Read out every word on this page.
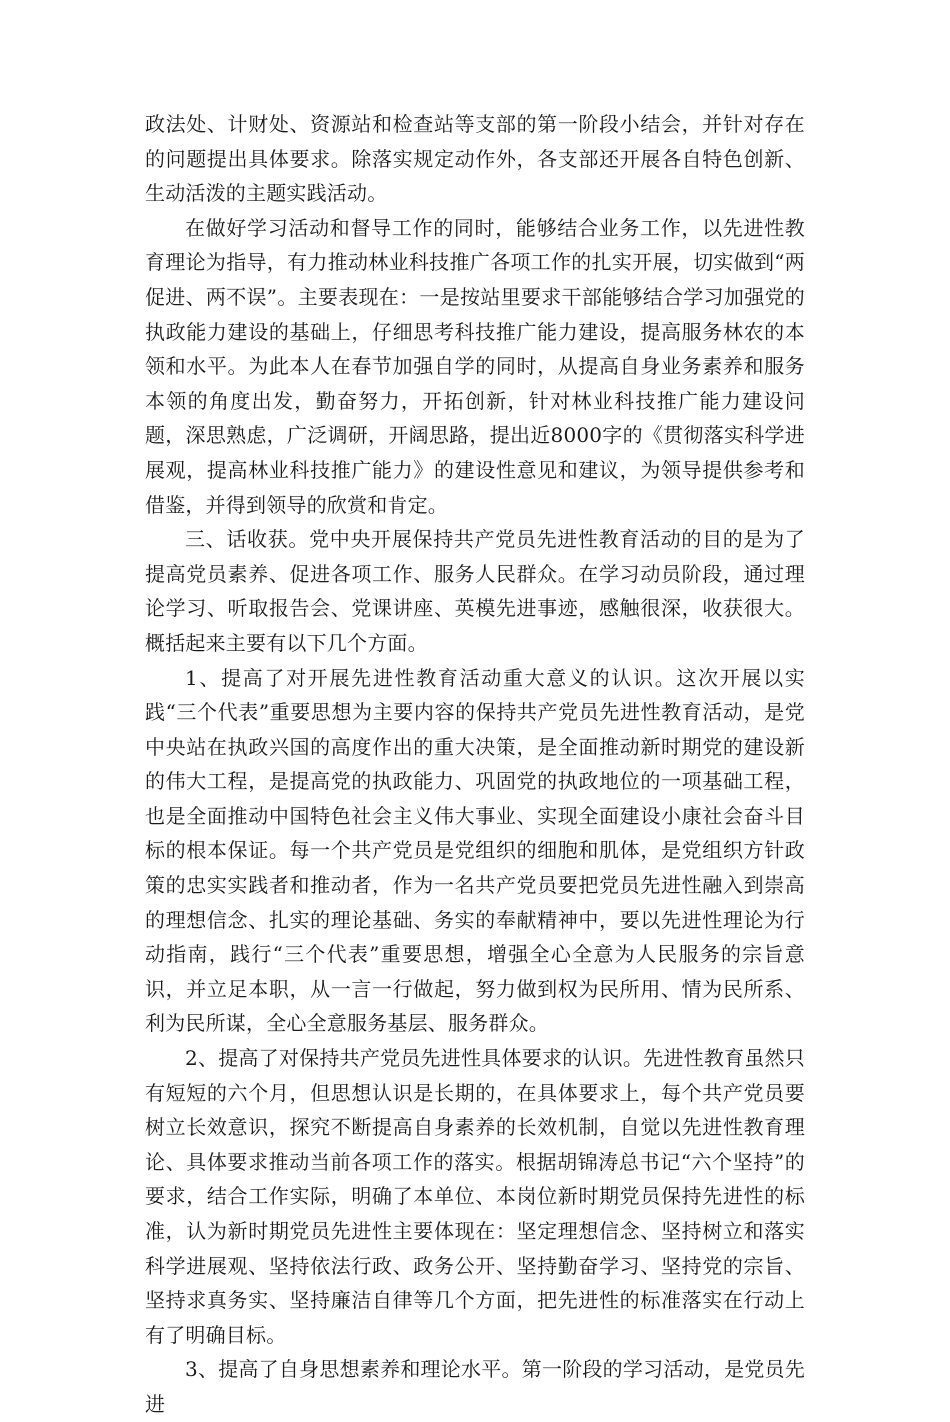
政法处、计财处、资源站和检查站等支部的第一阶段小结会，并针对存在的问题提出具体要求。除落实规定动作外，各支部还开展各自特色创新、生动活泼的主题实践活动。

在做好学习活动和督导工作的同时，能够结合业务工作，以先进性教育理论为指导，有力推动林业科技推广各项工作的扎实开展，切实做到“两促进、两不误”。主要表现在：一是按站里要求干部能够结合学习加强党的执政能力建设的基础上，仔细思考科技推广能力建设，提高服务林农的本领和水平。为此本人在春节加强自学的同时，从提高自身业务素养和服务本领的角度出发，勤奋努力，开拓创新，针对林业科技推广能力建设问题，深思熟虑，广泛调研，开阔思路，提出近8000字的《贯彻落实科学进展观，提高林业科技推广能力》的建设性意见和建议，为领导提供参考和借鉴，并得到领导的欣赏和肯定。

三、话收获。党中央开展保持共产党员先进性教育活动的目的是为了提高党员素养、促进各项工作、服务人民群众。在学习动员阶段，通过理论学习、听取报告会、党课讲座、英模先进事迹，感触很深，收获很大。概括起来主要有以下几个方面。

1、提高了对开展先进性教育活动重大意义的认识。这次开展以实践“三个代表”重要思想为主要内容的保持共产党员先进性教育活动，是党中央站在执政兴国的高度作出的重大决策，是全面推动新时期党的建设新的伟大工程，是提高党的执政能力、巩固党的执政地位的一项基础工程，也是全面推动中国特色社会主义伟大事业、实现全面建设小康社会奋斗目标的根本保证。每一个共产党员是党组织的细胞和肌体，是党组织方针政策的忠实实践者和推动者，作为一名共产党员要把党员先进性融入到崇高的理想信念、扎实的理论基础、务实的奉献精神中，要以先进性理论为行动指南，践行“三个代表”重要思想，增强全心全意为人民服务的宗旨意识，并立足本职，从一言一行做起，努力做到权为民所用、情为民所系、利为民所谋，全心全意服务基层、服务群众。

2、提高了对保持共产党员先进性具体要求的认识。先进性教育虽然只有短短的六个月，但思想认识是长期的，在具体要求上，每个共产党员要树立长效意识，探究不断提高自身素养的长效机制，自觉以先进性教育理论、具体要求推动当前各项工作的落实。根据胡锦涛总书记“六个坚持”的要求，结合工作实际，明确了本单位、本岗位新时期党员保持先进性的标准，认为新时期党员先进性主要体现在：坚定理想信念、坚持树立和落实科学进展观、坚持依法行政、政务公开、坚持勤奋学习、坚持党的宗旨、坚持求真务实、坚持廉洁自律等几个方面，把先进性的标准落实在行动上有了明确目标。

3、提高了自身思想素养和理论水平。第一阶段的学习活动，是党员先进
